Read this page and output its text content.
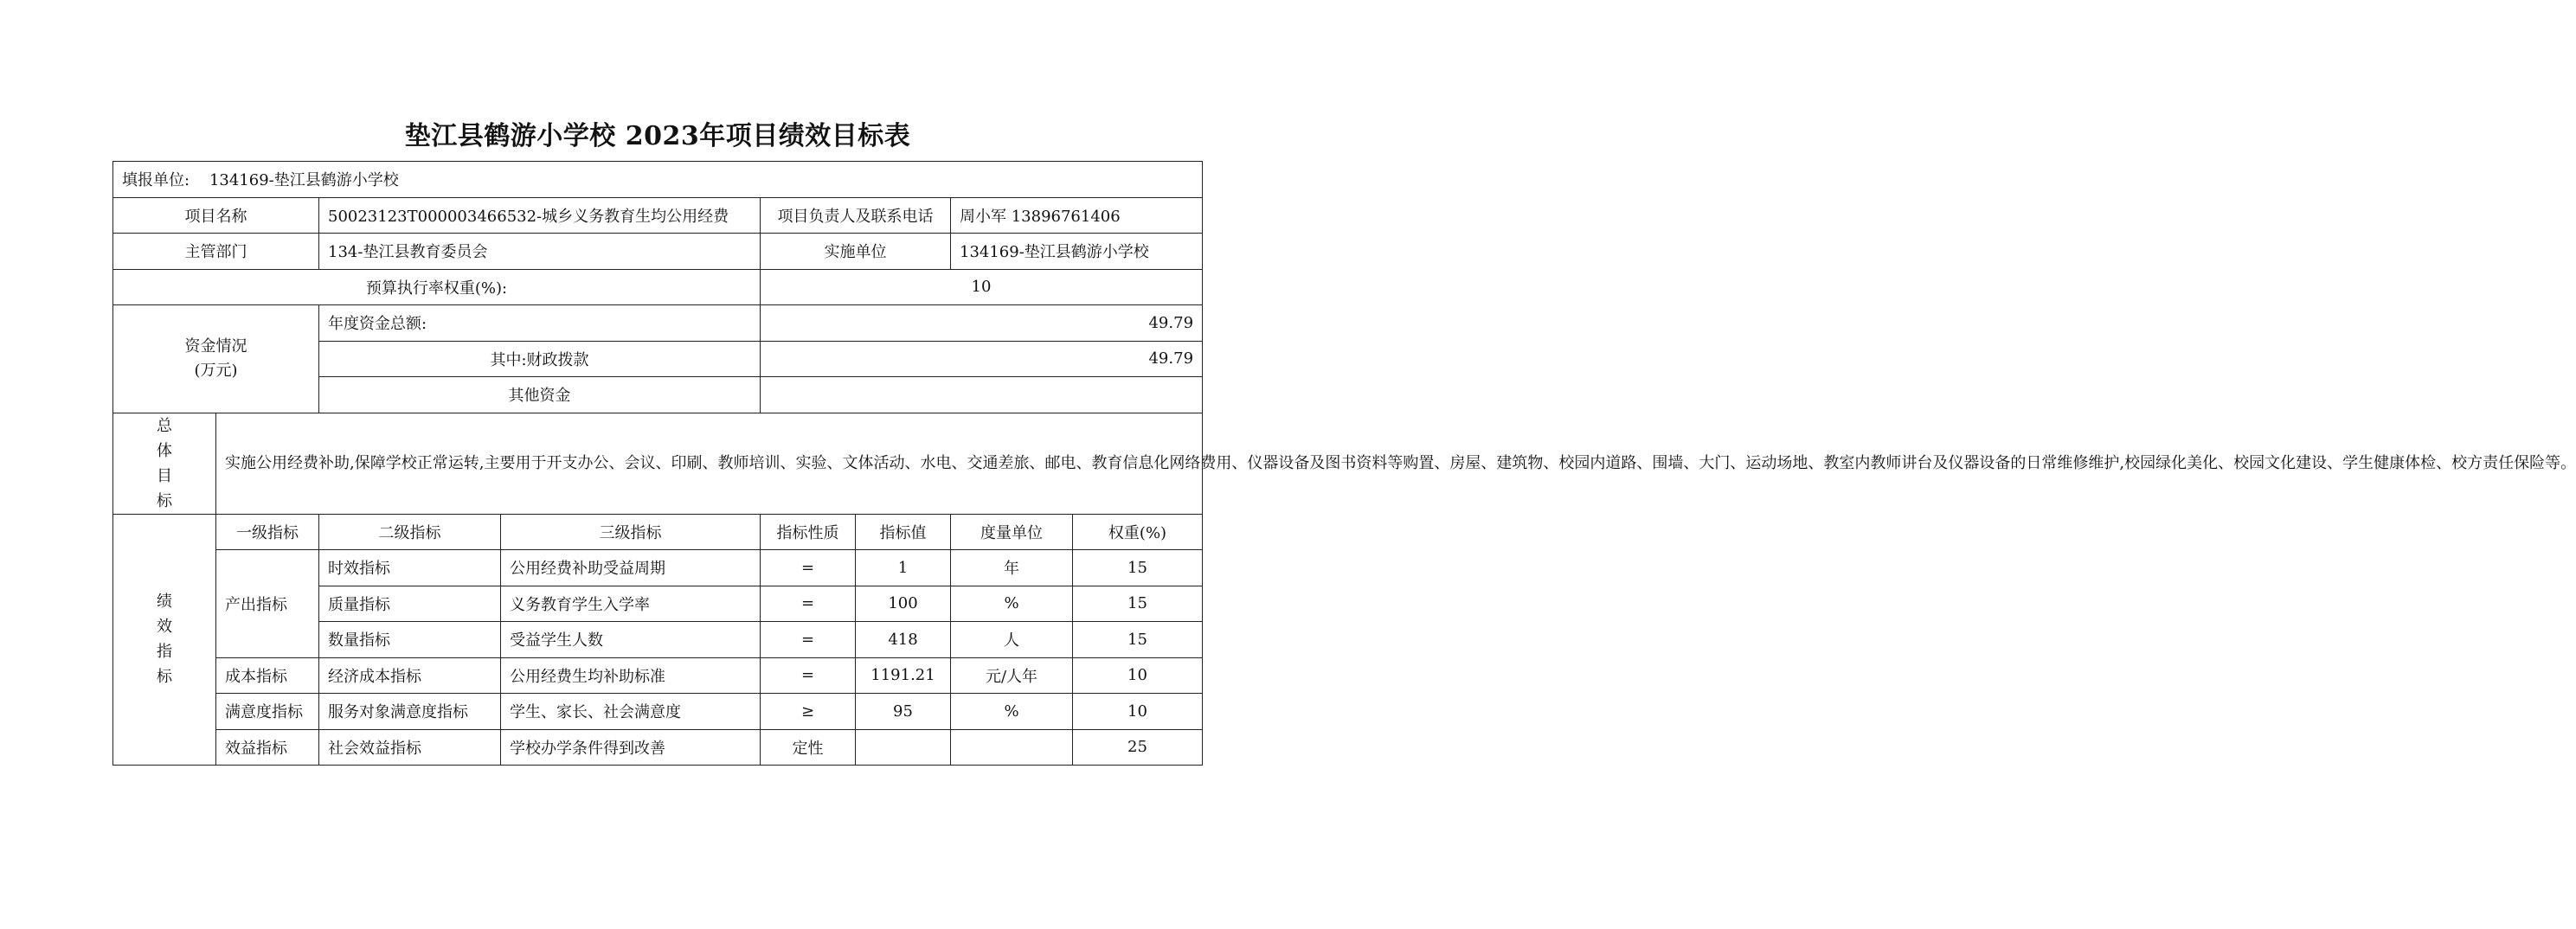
垫江县鹤游小学校 2023年项目绩效目标表
填报单位: 134169-垫江县鹤游小学校							
项目名称		50023123T000003466532-城乡义务教育生均公用经费		项目负责人及联系电话		周小军 13896761406	
主管部门		134-垫江县教育委员会		实施单位		134169-垫江县鹤游小学校	
预算执行率权重(%):				10			

资金情况
(万元)		年度资金总额:		49.79			
		其中:财政拨款		49.79			
		其他资金					

总
体
目
标	实施公用经费补助,保障学校正常运转,主要用于开支办公、会议、印刷、教师培训、实验、文体活动、水电、交通差旅、邮电、教育信息化网络费用、仪器设备及图书资料等购置、房屋、建筑物、校园内道路、围墙、大门、运动场地、教室内教师讲台及仪器设备的日常维修维护,校园绿化美化、校园文化建设、学生健康体检、校方责任保险等。						

绩
效
指
标	一级指标	二级指标	三级指标	指标性质	指标值	度量单位	权重(%)
	产出指标	时效指标	公用经费补助受益周期	=	1	年	15
		质量指标	义务教育学生入学率	=	100	%	15
		数量指标	受益学生人数	=	418	人	15
	成本指标	经济成本指标	公用经费生均补助标准	=	1191.21	元/人年	10
	满意度指标	服务对象满意度指标	学生、家长、社会满意度	≥	95	%	10
	效益指标	社会效益指标	学校办学条件得到改善	定性			25
